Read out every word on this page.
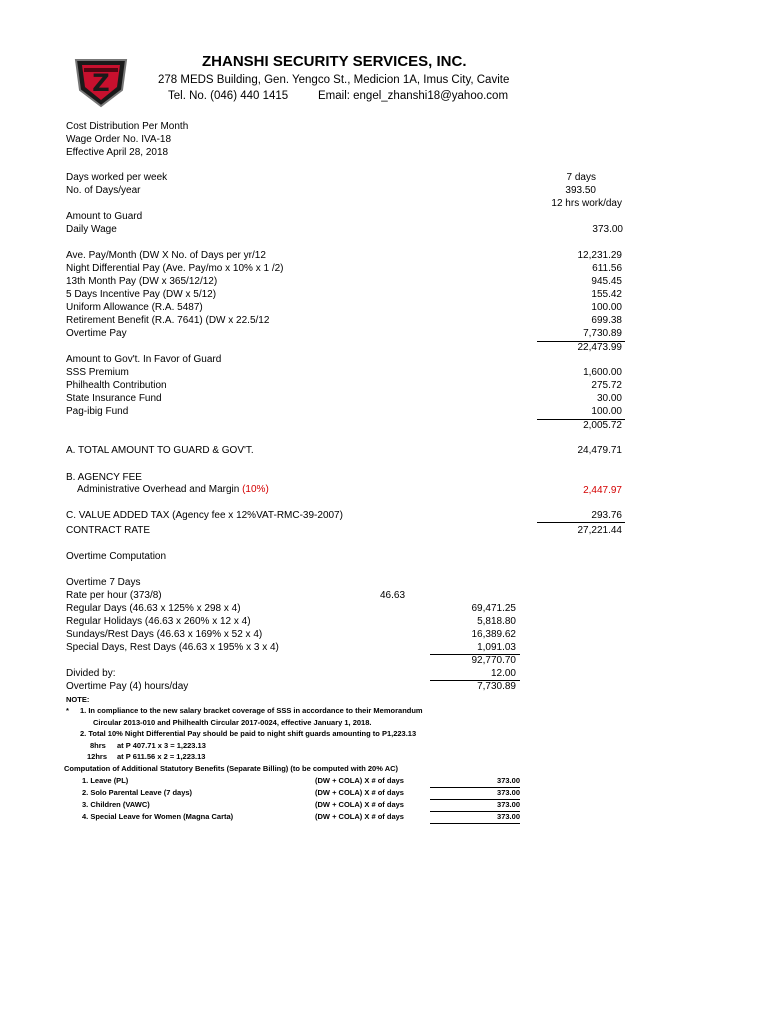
Z
ZHANSHI SECURITY SERVICES, INC.
278 MEDS Building, Gen. Yengco St., Medicion 1A, Imus City, Cavite
Tel. No. (046) 440 1415	Email: engel_zhanshi18@yahoo.com
Cost Distribution Per Month
Wage Order No. IVA-18
Effective April 28, 2018
Days worked per week	7 days
No. of Days/year	393.50
12 hrs work/day
Amount to Guard
Daily Wage	373.00
Ave. Pay/Month (DW X No. of Days per yr/12	12,231.29
Night Differential Pay (Ave. Pay/mo x 10% x 1 /2)	611.56
13th Month Pay (DW x 365/12/12)	945.45
5 Days Incentive Pay (DW x 5/12)	155.42
Uniform Allowance (R.A. 5487)	100.00
Retirement Benefit (R.A. 7641) (DW x 22.5/12	699.38
Overtime Pay	7,730.89
22,473.99
Amount to Gov't. In Favor of Guard
SSS Premium	1,600.00
Philhealth Contribution	275.72
State Insurance Fund	30.00
Pag-ibig Fund	100.00
2,005.72
A. TOTAL AMOUNT TO GUARD & GOV'T.	24,479.71
B. AGENCY FEE
Administrative Overhead and Margin (10%)	2,447.97
C. VALUE ADDED TAX (Agency fee x 12%VAT-RMC-39-2007)	293.76
CONTRACT RATE	27,221.44
Overtime Computation
Overtime 7 Days
Rate per hour (373/8)	46.63
Regular Days (46.63 x 125% x 298 x 4)	69,471.25
Regular Holidays (46.63 x 260% x 12 x 4)	5,818.80
Sundays/Rest Days (46.63 x 169% x 52 x 4)	16,389.62
Special Days, Rest Days (46.63 x 195% x 3 x 4)	1,091.03
92,770.70
Divided by:	12.00
Overtime Pay (4) hours/day	7,730.89
NOTE:
* 1. In compliance to the new salary bracket coverage of SSS in accordance to their Memorandum
Circular 2013-010 and Philhealth Circular 2017-0024, effective January 1, 2018.
2. Total 10% Night Differential Pay should be paid to night shift guards amounting to P1,223.13
8hrs at P 407.71 x 3 = 1,223.13
12hrs at P 611.56 x 2 = 1,223.13
Computation of Additional Statutory Benefits (Separate Billing) (to be computed with 20% AC)
1. Leave (PL)	(DW + COLA) X # of days	373.00
2. Solo Parental Leave (7 days)	(DW + COLA) X # of days	373.00
3. Children (VAWC)	(DW + COLA) X # of days	373.00
4. Special Leave for Women (Magna Carta)	(DW + COLA) X # of days	373.00
